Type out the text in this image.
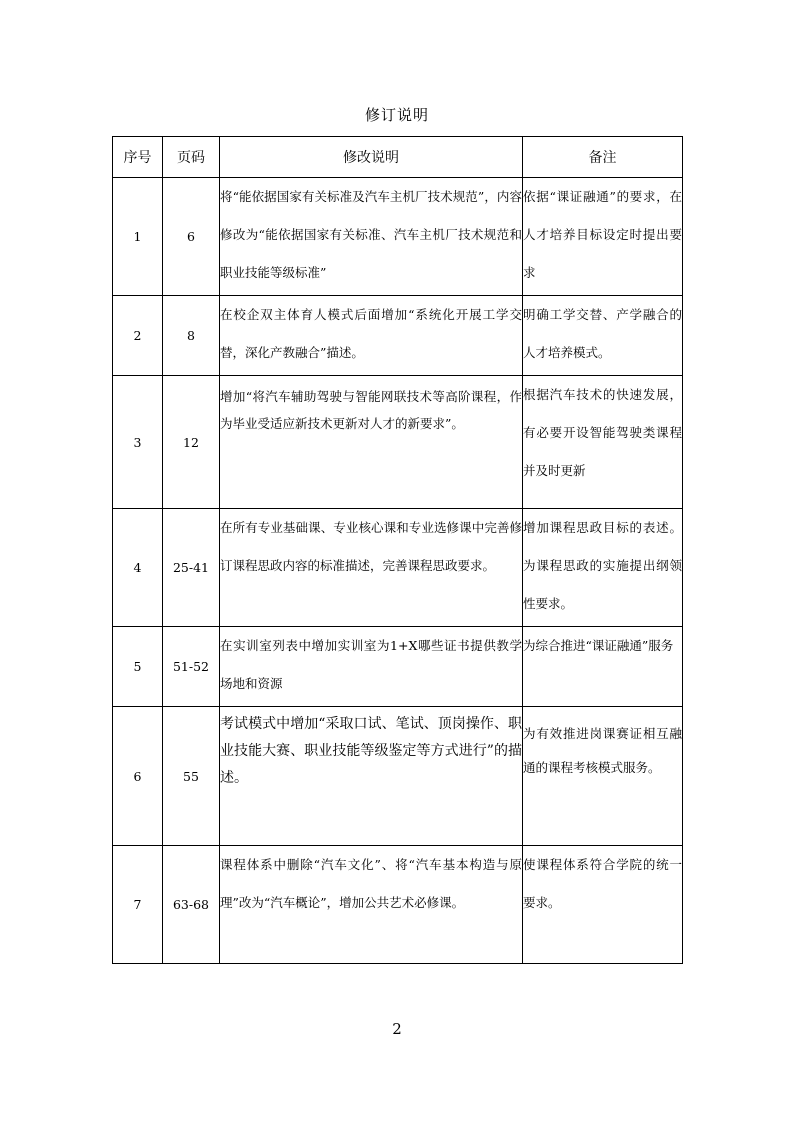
修订说明
序号	页码	修改说明	备注
1	6	将“能依据国家有关标准及汽车主机厂技术规范”，内容修改为“能依据国家有关标准、汽车主机厂技术规范和职业技能等级标准”	依据“课证融通”的要求，在人才培养目标设定时提出要求
2	8	在校企双主体育人模式后面增加“系统化开展工学交替，深化产教融合”描述。	明确工学交替、产学融合的人才培养模式。
3	12	增加“将汽车辅助驾驶与智能网联技术等高阶课程，作为毕业受适应新技术更新对人才的新要求”。	根据汽车技术的快速发展，有必要开设智能驾驶类课程并及时更新
4	25-41	在所有专业基础课、专业核心课和专业选修课中完善修订课程思政内容的标准描述，完善课程思政要求。	增加课程思政目标的表述。为课程思政的实施提出纲领性要求。
5	51-52	在实训室列表中增加实训室为1+X哪些证书提供教学场地和资源	为综合推进“课证融通”服务
6	55	考试模式中增加“采取口试、笔试、顶岗操作、职业技能大赛、职业技能等级鉴定等方式进行”的描述。	为有效推进岗课赛证相互融通的课程考核模式服务。
7	63-68	课程体系中删除“汽车文化”、将“汽车基本构造与原理”改为“汽车概论”，增加公共艺术必修课。	使课程体系符合学院的统一要求。
2
